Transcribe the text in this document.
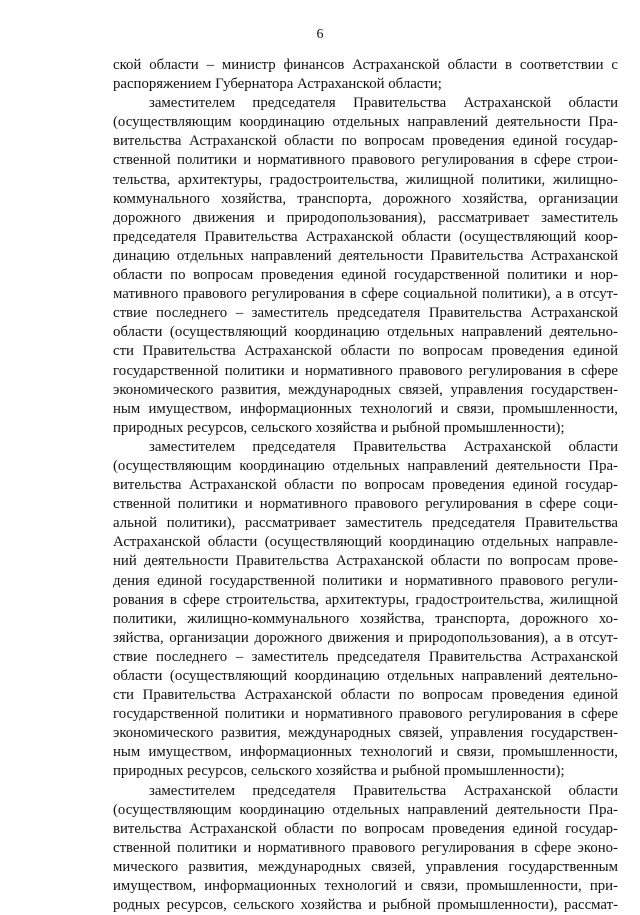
6
ской области – министр финансов Астраханской области в соответствии с
распоряжением Губернатора Астраханской области;
заместителем председателя Правительства Астраханской области
(осуществляющим координацию отдельных направлений деятельности Пра-
вительства Астраханской области по вопросам проведения единой государ-
ственной политики и нормативного правового регулирования в сфере строи-
тельства, архитектуры, градостроительства, жилищной политики, жилищно-
коммунального хозяйства, транспорта, дорожного хозяйства, организации
дорожного движения и природопользования), рассматривает заместитель
председателя Правительства Астраханской области (осуществляющий коор-
динацию отдельных направлений деятельности Правительства Астраханской
области по вопросам проведения единой государственной политики и нор-
мативного правового регулирования в сфере социальной политики), а в отсут-
ствие последнего – заместитель председателя Правительства Астраханской
области (осуществляющий координацию отдельных направлений деятельно-
сти Правительства Астраханской области по вопросам проведения единой
государственной политики и нормативного правового регулирования в сфере
экономического развития, международных связей, управления государствен-
ным имуществом, информационных технологий и связи, промышленности,
природных ресурсов, сельского хозяйства и рыбной промышленности);
заместителем председателя Правительства Астраханской области
(осуществляющим координацию отдельных направлений деятельности Пра-
вительства Астраханской области по вопросам проведения единой государ-
ственной политики и нормативного правового регулирования в сфере соци-
альной политики), рассматривает заместитель председателя Правительства
Астраханской области (осуществляющий координацию отдельных направле-
ний деятельности Правительства Астраханской области по вопросам прове-
дения единой государственной политики и нормативного правового регули-
рования в сфере строительства, архитектуры, градостроительства, жилищной
политики, жилищно-коммунального хозяйства, транспорта, дорожного хо-
зяйства, организации дорожного движения и природопользования), а в отсут-
ствие последнего – заместитель председателя Правительства Астраханской
области (осуществляющий координацию отдельных направлений деятельно-
сти Правительства Астраханской области по вопросам проведения единой
государственной политики и нормативного правового регулирования в сфере
экономического развития, международных связей, управления государствен-
ным имуществом, информационных технологий и связи, промышленности,
природных ресурсов, сельского хозяйства и рыбной промышленности);
заместителем председателя Правительства Астраханской области
(осуществляющим координацию отдельных направлений деятельности Пра-
вительства Астраханской области по вопросам проведения единой государ-
ственной политики и нормативного правового регулирования в сфере эконо-
мического развития, международных связей, управления государственным
имуществом, информационных технологий и связи, промышленности, при-
родных ресурсов, сельского хозяйства и рыбной промышленности), рассмат-
